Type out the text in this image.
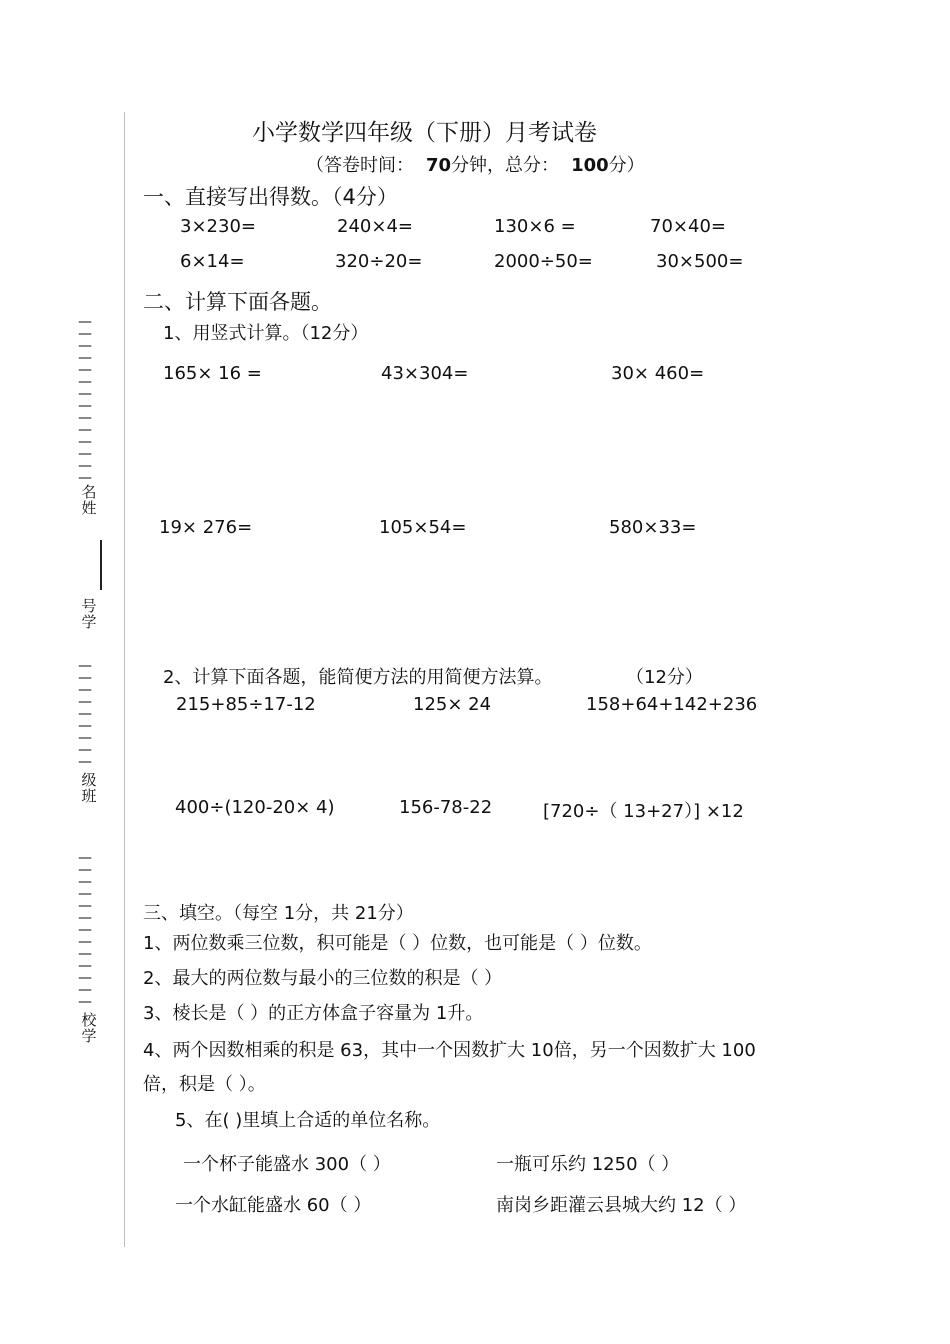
— — — — — — — — — — — — — —
名姓
号学
— — — — — — — — —
级班
— — — — — — — — — — — — —
校学
小学数学四年级（下册）月考试卷
（答卷时间： 70分钟，总分： 100分）
一、直接写出得数。（4分）
3×230=	240×4=	130×6 =	70×40=
6×14=	320÷20=	2000÷50=	30×500=
二、计算下面各题。
1、用竖式计算。（12分）
165× 16 =	43×304=	30× 460=
19× 276=	105×54=	580×33=
2、计算下面各题，能简便方法的用简便方法算。	（12分）
215+85÷17-12	125× 24	158+64+142+236
400÷(120-20× 4)	156-78-22	[720÷（ 13+27）] ×12
三、填空。（每空 1分，共 21分）
1、两位数乘三位数，积可能是（ ）位数，也可能是（ ）位数。
2、最大的两位数与最小的三位数的积是（ ）
3、棱长是（ ）的正方体盒子容量为 1升。
4、两个因数相乘的积是 63，其中一个因数扩大 10倍，另一个因数扩大 100
倍，积是（ ）。
5、在( )里填上合适的单位名称。
一个杯子能盛水 300（ ）	一瓶可乐约 1250（ ）
一个水缸能盛水 60（ ）	南岗乡距灌云县城大约 12（ ）
